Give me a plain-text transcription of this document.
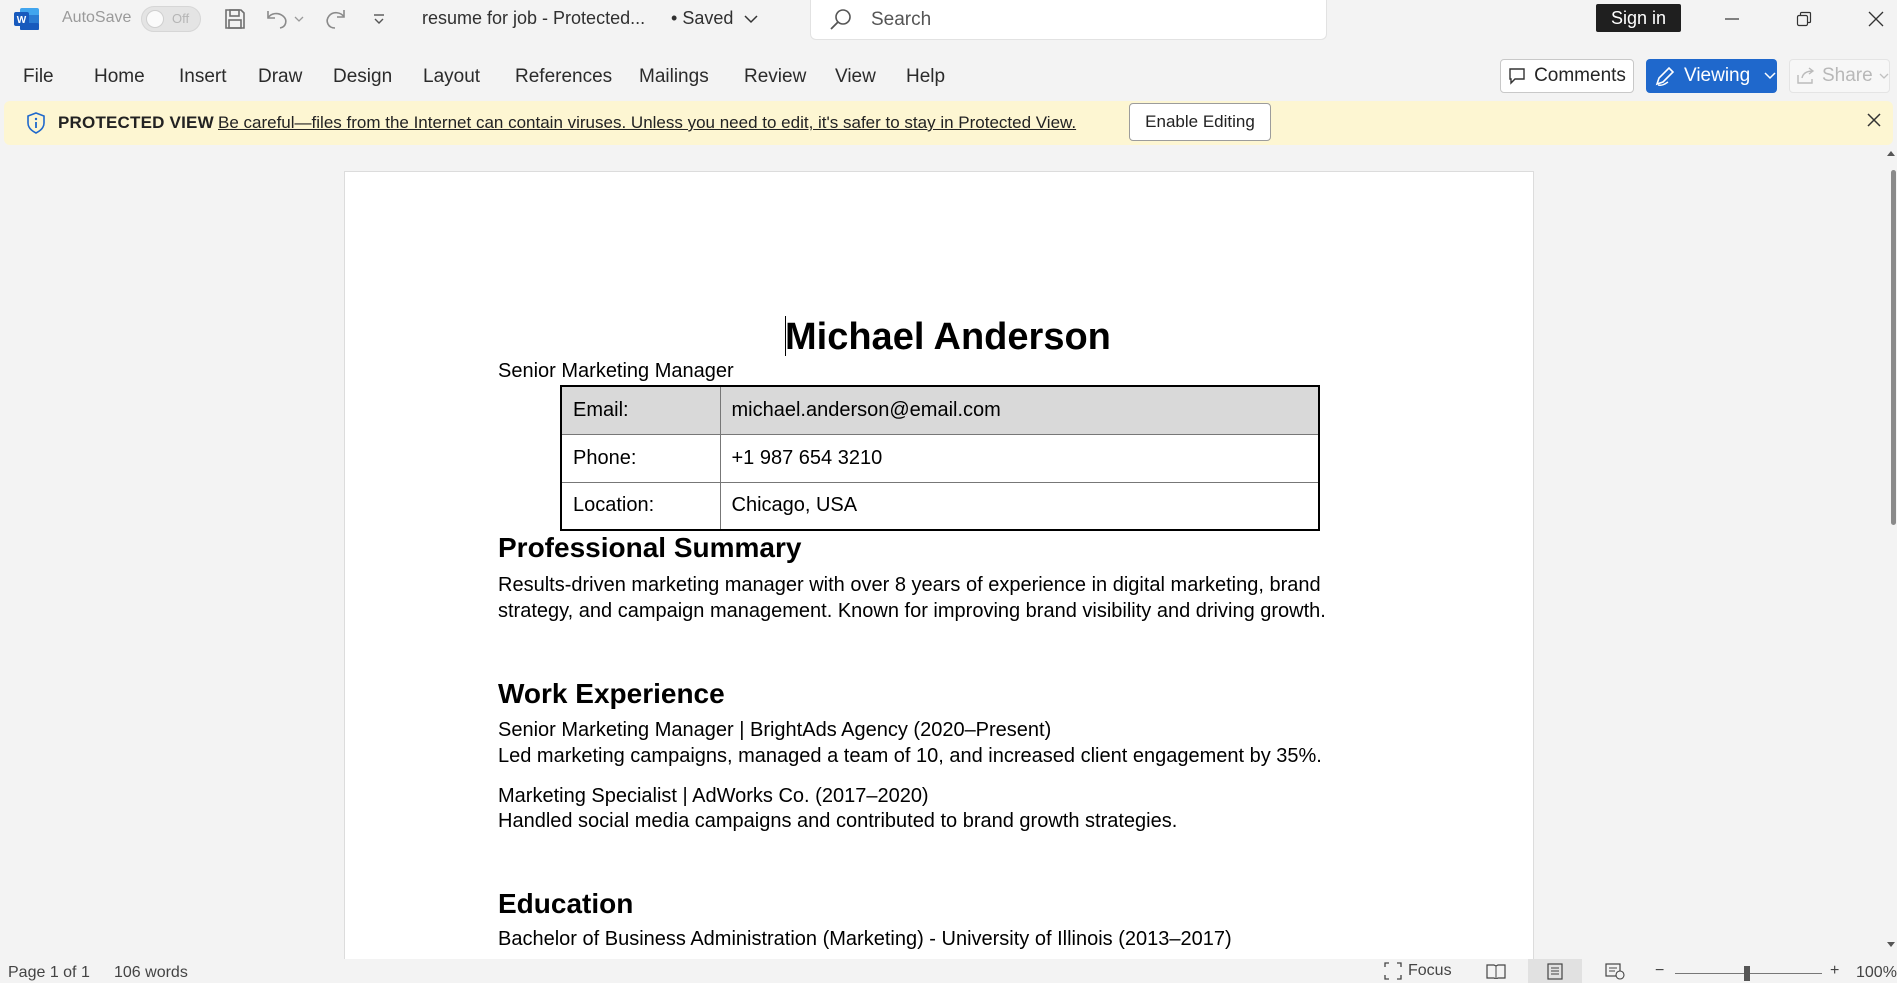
W AutoSave	Off	resume for job - Protected... • Saved	Search	Sign in
File Home Insert Draw Design Layout References Mailings Review View Help	Comments	Viewing	Share
PROTECTED VIEW Be careful—files from the Internet can contain viruses. Unless you need to edit, it's safer to stay in Protected View.	Enable Editing
Michael Anderson
Senior Marketing Manager
Email:	michael.anderson@email.com
Phone:	+1 987 654 3210
Location:	Chicago, USA
Professional Summary
Results-driven marketing manager with over 8 years of experience in digital marketing, brand
strategy, and campaign management. Known for improving brand visibility and driving growth.
Work Experience
Senior Marketing Manager | BrightAds Agency (2020–Present)
Led marketing campaigns, managed a team of 10, and increased client engagement by 35%.
Marketing Specialist | AdWorks Co. (2017–2020)
Handled social media campaigns and contributed to brand growth strategies.
Education
Bachelor of Business Administration (Marketing) - University of Illinois (2013–2017)
Page 1 of 1 106 words	Focus	−	+ 100%
